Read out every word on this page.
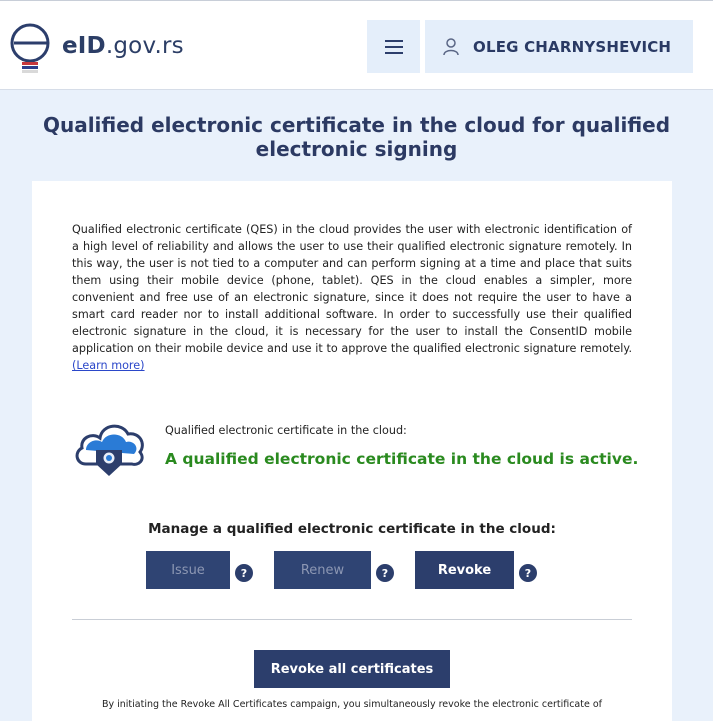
eID.gov.rs	OLEG CHARNYSHEVICH
Qualified electronic certificate in the cloud for qualified electronic signing
Qualified electronic certificate (QES) in the cloud provides the user with electronic identification of a high level of reliability and allows the user to use their qualified electronic signature remotely. In this way, the user is not tied to a computer and can perform signing at a time and place that suits them using their mobile device (phone, tablet). QES in the cloud enables a simpler, more convenient and free use of an electronic signature, since it does not require the user to have a smart card reader nor to install additional software. In order to successfully use their qualified electronic signature in the cloud, it is necessary for the user to install the ConsentID mobile application on their mobile device and use it to approve the qualified electronic signature remotely. (Learn more)
Qualified electronic certificate in the cloud:
A qualified electronic certificate in the cloud is active.
Manage a qualified electronic certificate in the cloud:
Issue	?	Renew	?	Revoke	?
Revoke all certificates
By initiating the Revoke All Certificates campaign, you simultaneously revoke the electronic certificate of
